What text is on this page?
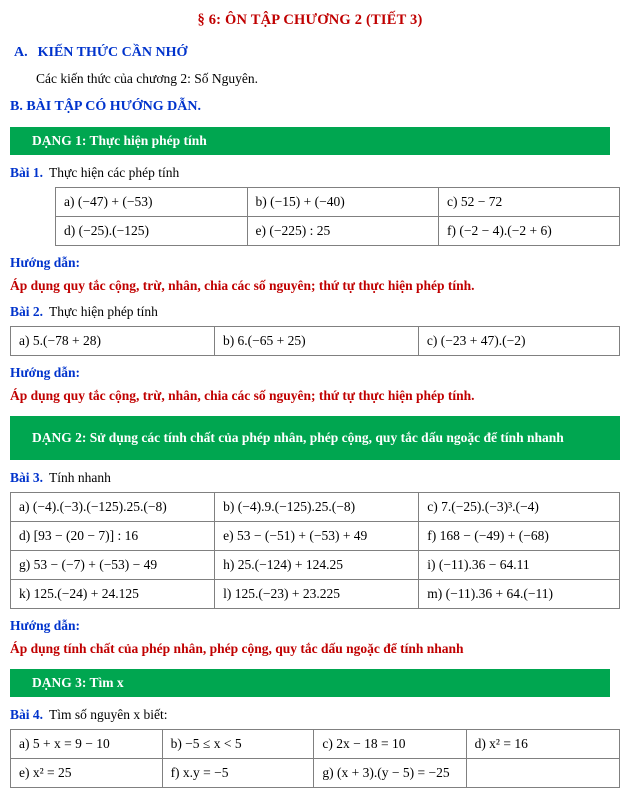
§ 6: ÔN TẬP CHƯƠNG 2 (TIẾT 3)
A. KIẾN THỨC CẦN NHỚ
Các kiến thức của chương 2: Số Nguyên.
B. BÀI TẬP CÓ HƯỚNG DẪN.
DẠNG 1: Thực hiện phép tính
Bài 1. Thực hiện các phép tính
a) (−47) + (−53)	b) (−15) + (−40)	c) 52 − 72
d) (−25).(−125)	e) (−225) : 25	f) (−2 − 4).(−2 + 6)
Hướng dẫn:
Áp dụng quy tắc cộng, trừ, nhân, chia các số nguyên; thứ tự thực hiện phép tính.
Bài 2. Thực hiện phép tính
a) 5.(−78 + 28)	b) 6.(−65 + 25)	c) (−23 + 47).(−2)
Hướng dẫn:
Áp dụng quy tắc cộng, trừ, nhân, chia các số nguyên; thứ tự thực hiện phép tính.
DẠNG 2: Sử dụng các tính chất của phép nhân, phép cộng, quy tắc dấu ngoặc để tính nhanh
Bài 3. Tính nhanh
a) (−4).(−3).(−125).25.(−8)	b) (−4).9.(−125).25.(−8)	c) 7.(−25).(−3)³.(−4)
d) [93 − (20 − 7)] : 16	e) 53 − (−51) + (−53) + 49	f) 168 − (−49) + (−68)
g) 53 − (−7) + (−53) − 49	h) 25.(−124) + 124.25	i) (−11).36 − 64.11
k) 125.(−24) + 24.125	l) 125.(−23) + 23.225	m) (−11).36 + 64.(−11)
Hướng dẫn:
Áp dụng tính chất của phép nhân, phép cộng, quy tắc dấu ngoặc để tính nhanh
DẠNG 3: Tìm x
Bài 4. Tìm số nguyên x biết:
a) 5 + x = 9 − 10	b) −5 ≤ x < 5	c) 2x − 18 = 10	d) x² = 16
e) x² = 25	f) x.y = −5	g) (x + 3).(y − 5) = −25	
